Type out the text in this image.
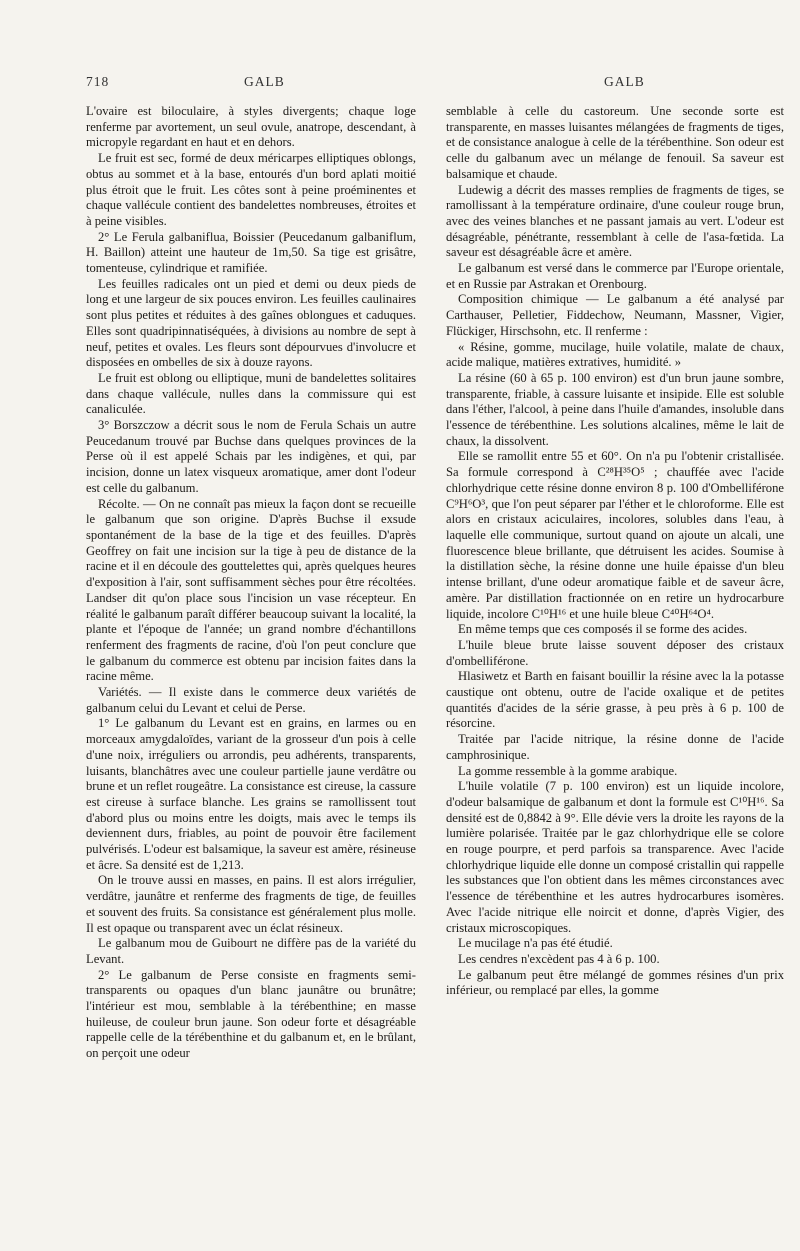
718	GALB	GALB

L'ovaire est biloculaire, à styles divergents; chaque loge renferme par avortement, un seul ovule, anatrope, descendant, à micropyle regardant en haut et en dehors.

Le fruit est sec, formé de deux méricarpes elliptiques oblongs, obtus au sommet et à la base, entourés d'un bord aplati moitié plus étroit que le fruit. Les côtes sont à peine proéminentes et chaque vallécule contient des bandelettes nombreuses, étroites et à peine visibles.

2° Le Ferula galbaniflua, Boissier (Peucedanum galbaniflum, H. Baillon) atteint une hauteur de 1m,50. Sa tige est grisâtre, tomenteuse, cylindrique et ramifiée.

Les feuilles radicales ont un pied et demi ou deux pieds de long et une largeur de six pouces environ. Les feuilles caulinaires sont plus petites et réduites à des gaînes oblongues et caduques. Elles sont quadripinnatiséquées, à divisions au nombre de sept à neuf, petites et ovales. Les fleurs sont dépourvues d'involucre et disposées en ombelles de six à douze rayons.

Le fruit est oblong ou elliptique, muni de bandelettes solitaires dans chaque vallécule, nulles dans la commissure qui est canaliculée.

3° Borszczow a décrit sous le nom de Ferula Schais un autre Peucedanum trouvé par Buchse dans quelques provinces de la Perse où il est appelé Schais par les indigènes, et qui, par incision, donne un latex visqueux aromatique, amer dont l'odeur est celle du galbanum.

Récolte. — On ne connaît pas mieux la façon dont se recueille le galbanum que son origine. D'après Buchse il exsude spontanément de la base de la tige et des feuilles. D'après Geoffrey on fait une incision sur la tige à peu de distance de la racine et il en découle des gouttelettes qui, après quelques heures d'exposition à l'air, sont suffisamment sèches pour être récoltées. Landser dit qu'on place sous l'incision un vase récepteur. En réalité le galbanum paraît différer beaucoup suivant la localité, la plante et l'époque de l'année; un grand nombre d'échantillons renferment des fragments de racine, d'où l'on peut conclure que le galbanum du commerce est obtenu par incision faites dans la racine même.

Variétés. — Il existe dans le commerce deux variétés de galbanum celui du Levant et celui de Perse.

1° Le galbanum du Levant est en grains, en larmes ou en morceaux amygdaloïdes, variant de la grosseur d'un pois à celle d'une noix, irréguliers ou arrondis, peu adhérents, transparents, luisants, blanchâtres avec une couleur partielle jaune verdâtre ou brune et un reflet rougeâtre. La consistance est cireuse, la cassure est cireuse à surface blanche. Les grains se ramollissent tout d'abord plus ou moins entre les doigts, mais avec le temps ils deviennent durs, friables, au point de pouvoir être facilement pulvérisés. L'odeur est balsamique, la saveur est amère, résineuse et âcre. Sa densité est de 1,213.

On le trouve aussi en masses, en pains. Il est alors irrégulier, verdâtre, jaunâtre et renferme des fragments de tige, de feuilles et souvent des fruits. Sa consistance est généralement plus molle. Il est opaque ou transparent avec un éclat résineux.

Le galbanum mou de Guibourt ne diffère pas de la variété du Levant.

2° Le galbanum de Perse consiste en fragments semi-transparents ou opaques d'un blanc jaunâtre ou brunâtre; l'intérieur est mou, semblable à la térébenthine; en masse huileuse, de couleur brun jaune. Son odeur forte et désagréable rappelle celle de la térébenthine et du galbanum et, en le brûlant, on perçoit une odeur

semblable à celle du castoreum. Une seconde sorte est transparente, en masses luisantes mélangées de fragments de tiges, et de consistance analogue à celle de la térébenthine. Son odeur est celle du galbanum avec un mélange de fenouil. Sa saveur est balsamique et chaude.

Ludewig a décrit des masses remplies de fragments de tiges, se ramollissant à la température ordinaire, d'une couleur rouge brun, avec des veines blanches et ne passant jamais au vert. L'odeur est désagréable, pénétrante, ressemblant à celle de l'asa-fœtida. La saveur est désagréable âcre et amère.

Le galbanum est versé dans le commerce par l'Europe orientale, et en Russie par Astrakan et Orenbourg.

Composition chimique — Le galbanum a été analysé par Carthauser, Pelletier, Fiddechow, Neumann, Massner, Vigier, Flückiger, Hirschsohn, etc. Il renferme :

« Résine, gomme, mucilage, huile volatile, malate de chaux, acide malique, matières extratives, humidité. »

La résine (60 à 65 p. 100 environ) est d'un brun jaune sombre, transparente, friable, à cassure luisante et insipide. Elle est soluble dans l'éther, l'alcool, à peine dans l'huile d'amandes, insoluble dans l'essence de térébenthine. Les solutions alcalines, même le lait de chaux, la dissolvent.

Elle se ramollit entre 55 et 60°. On n'a pu l'obtenir cristallisée. Sa formule correspond à C²⁸H³⁵O⁵ ; chauffée avec l'acide chlorhydrique cette résine donne environ 8 p. 100 d'Ombelliférone C⁹H⁶O³, que l'on peut séparer par l'éther et le chloroforme. Elle est alors en cristaux aciculaires, incolores, solubles dans l'eau, à laquelle elle communique, surtout quand on ajoute un alcali, une fluorescence bleue brillante, que détruisent les acides. Soumise à la distillation sèche, la résine donne une huile épaisse d'un bleu intense brillant, d'une odeur aromatique faible et de saveur âcre, amère. Par distillation fractionnée on en retire un hydrocarbure liquide, incolore C¹⁰H¹⁶ et une huile bleue C⁴⁰H⁶⁴O⁴.

En même temps que ces composés il se forme des acides.

L'huile bleue brute laisse souvent déposer des cristaux d'ombelliférone.

Hlasiwetz et Barth en faisant bouillir la résine avec la la potasse caustique ont obtenu, outre de l'acide oxalique et de petites quantités d'acides de la série grasse, à peu près à 6 p. 100 de résorcine.

Traitée par l'acide nitrique, la résine donne de l'acide camphrosinique.

La gomme ressemble à la gomme arabique.

L'huile volatile (7 p. 100 environ) est un liquide incolore, d'odeur balsamique de galbanum et dont la formule est C¹⁰H¹⁶. Sa densité est de 0,8842 à 9°. Elle dévie vers la droite les rayons de la lumière polarisée. Traitée par le gaz chlorhydrique elle se colore en rouge pourpre, et perd parfois sa transparence. Avec l'acide chlorhydrique liquide elle donne un composé cristallin qui rappelle les substances que l'on obtient dans les mêmes circonstances avec l'essence de térébenthine et les autres hydrocarbures isomères. Avec l'acide nitrique elle noircit et donne, d'après Vigier, des cristaux microscopiques.

Le mucilage n'a pas été étudié.

Les cendres n'excèdent pas 4 à 6 p. 100.

Le galbanum peut être mélangé de gommes résines d'un prix inférieur, ou remplacé par elles, la gomme
